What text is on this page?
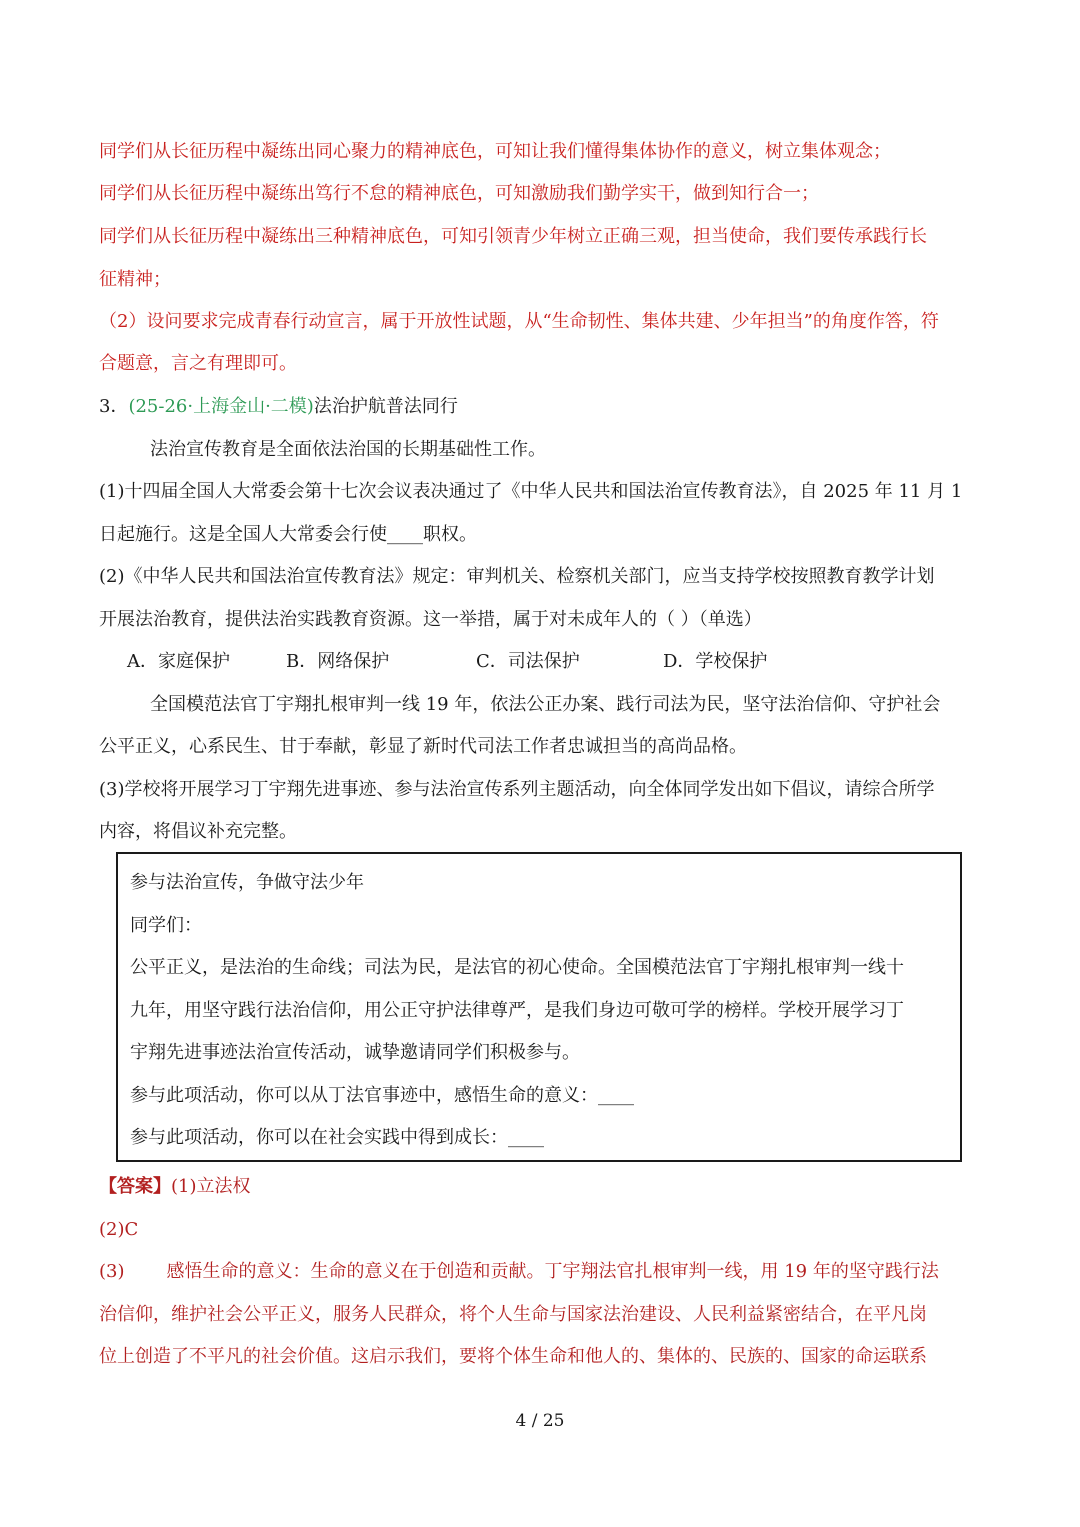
同学们从长征历程中凝练出同心聚力的精神底色，可知让我们懂得集体协作的意义，树立集体观念；
同学们从长征历程中凝练出笃行不怠的精神底色，可知激励我们勤学实干，做到知行合一；
同学们从长征历程中凝练出三种精神底色，可知引领青少年树立正确三观，担当使命，我们要传承践行长
征精神；
（2）设问要求完成青春行动宣言，属于开放性试题，从“生命韧性、集体共建、少年担当”的角度作答，符
合题意，言之有理即可。
3．(25-26·上海金山·二模)法治护航普法同行
法治宣传教育是全面依法治国的长期基础性工作。
(1)十四届全国人大常委会第十七次会议表决通过了《中华人民共和国法治宣传教育法》，自 2025 年 11 月 1
日起施行。这是全国人大常委会行使____职权。
(2)《中华人民共和国法治宣传教育法》规定：审判机关、检察机关部门，应当支持学校按照教育教学计划
开展法治教育，提供法治实践教育资源。这一举措，属于对未成年人的（ ）（单选）
A．家庭保护	B．网络保护	C．司法保护	D．学校保护
全国模范法官丁宇翔扎根审判一线 19 年，依法公正办案、践行司法为民，坚守法治信仰、守护社会
公平正义，心系民生、甘于奉献，彰显了新时代司法工作者忠诚担当的高尚品格。
(3)学校将开展学习丁宇翔先进事迹、参与法治宣传系列主题活动，向全体同学发出如下倡议，请综合所学
内容，将倡议补充完整。
参与法治宣传，争做守法少年
同学们：
公平正义，是法治的生命线；司法为民，是法官的初心使命。全国模范法官丁宇翔扎根审判一线十
九年，用坚守践行法治信仰，用公正守护法律尊严，是我们身边可敬可学的榜样。学校开展学习丁
宇翔先进事迹法治宣传活动，诚挚邀请同学们积极参与。
参与此项活动，你可以从丁法官事迹中，感悟生命的意义：____
参与此项活动，你可以在社会实践中得到成长：____
【答案】(1)立法权
(2)C
(3) 感悟生命的意义：生命的意义在于创造和贡献。丁宇翔法官扎根审判一线，用 19 年的坚守践行法
治信仰，维护社会公平正义，服务人民群众，将个人生命与国家法治建设、人民利益紧密结合，在平凡岗
位上创造了不平凡的社会价值。这启示我们，要将个体生命和他人的、集体的、民族的、国家的命运联系
4 / 25
